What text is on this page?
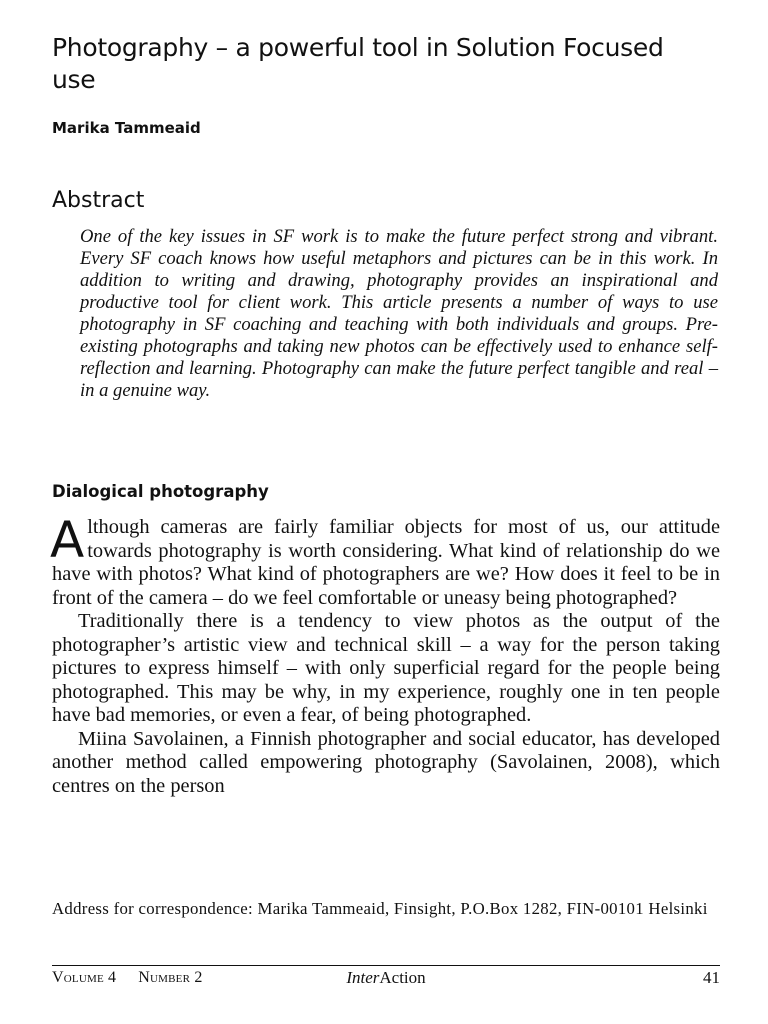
Photography – a powerful tool in Solution Focused use
Marika Tammeaid
Abstract

One of the key issues in SF work is to make the future perfect strong and vibrant. Every SF coach knows how useful metaphors and pictures can be in this work. In addition to writing and drawing, photography provides an inspirational and productive tool for client work. This article presents a number of ways to use photography in SF coaching and teaching with both individuals and groups. Pre-existing photographs and taking new photos can be effectively used to enhance self-reflection and learning. Photography can make the future perfect tangible and real – in a genuine way.

Dialogical photography

Although cameras are fairly familiar objects for most of us, our attitude towards photography is worth considering. What kind of relationship do we have with photos? What kind of photographers are we? How does it feel to be in front of the camera – do we feel comfortable or uneasy being photographed?

Traditionally there is a tendency to view photos as the output of the photographer’s artistic view and technical skill – a way for the person taking pictures to express himself – with only superficial regard for the people being photographed. This may be why, in my experience, roughly one in ten people have bad memories, or even a fear, of being photographed.

Miina Savolainen, a Finnish photographer and social educator, has developed another method called empowering photography (Savolainen, 2008), which centres on the person

Address for correspondence: Marika Tammeaid, Finsight, P.O.Box 1282, FIN-00101 Helsinki
Volume 4 Number 2	InterAction	41
